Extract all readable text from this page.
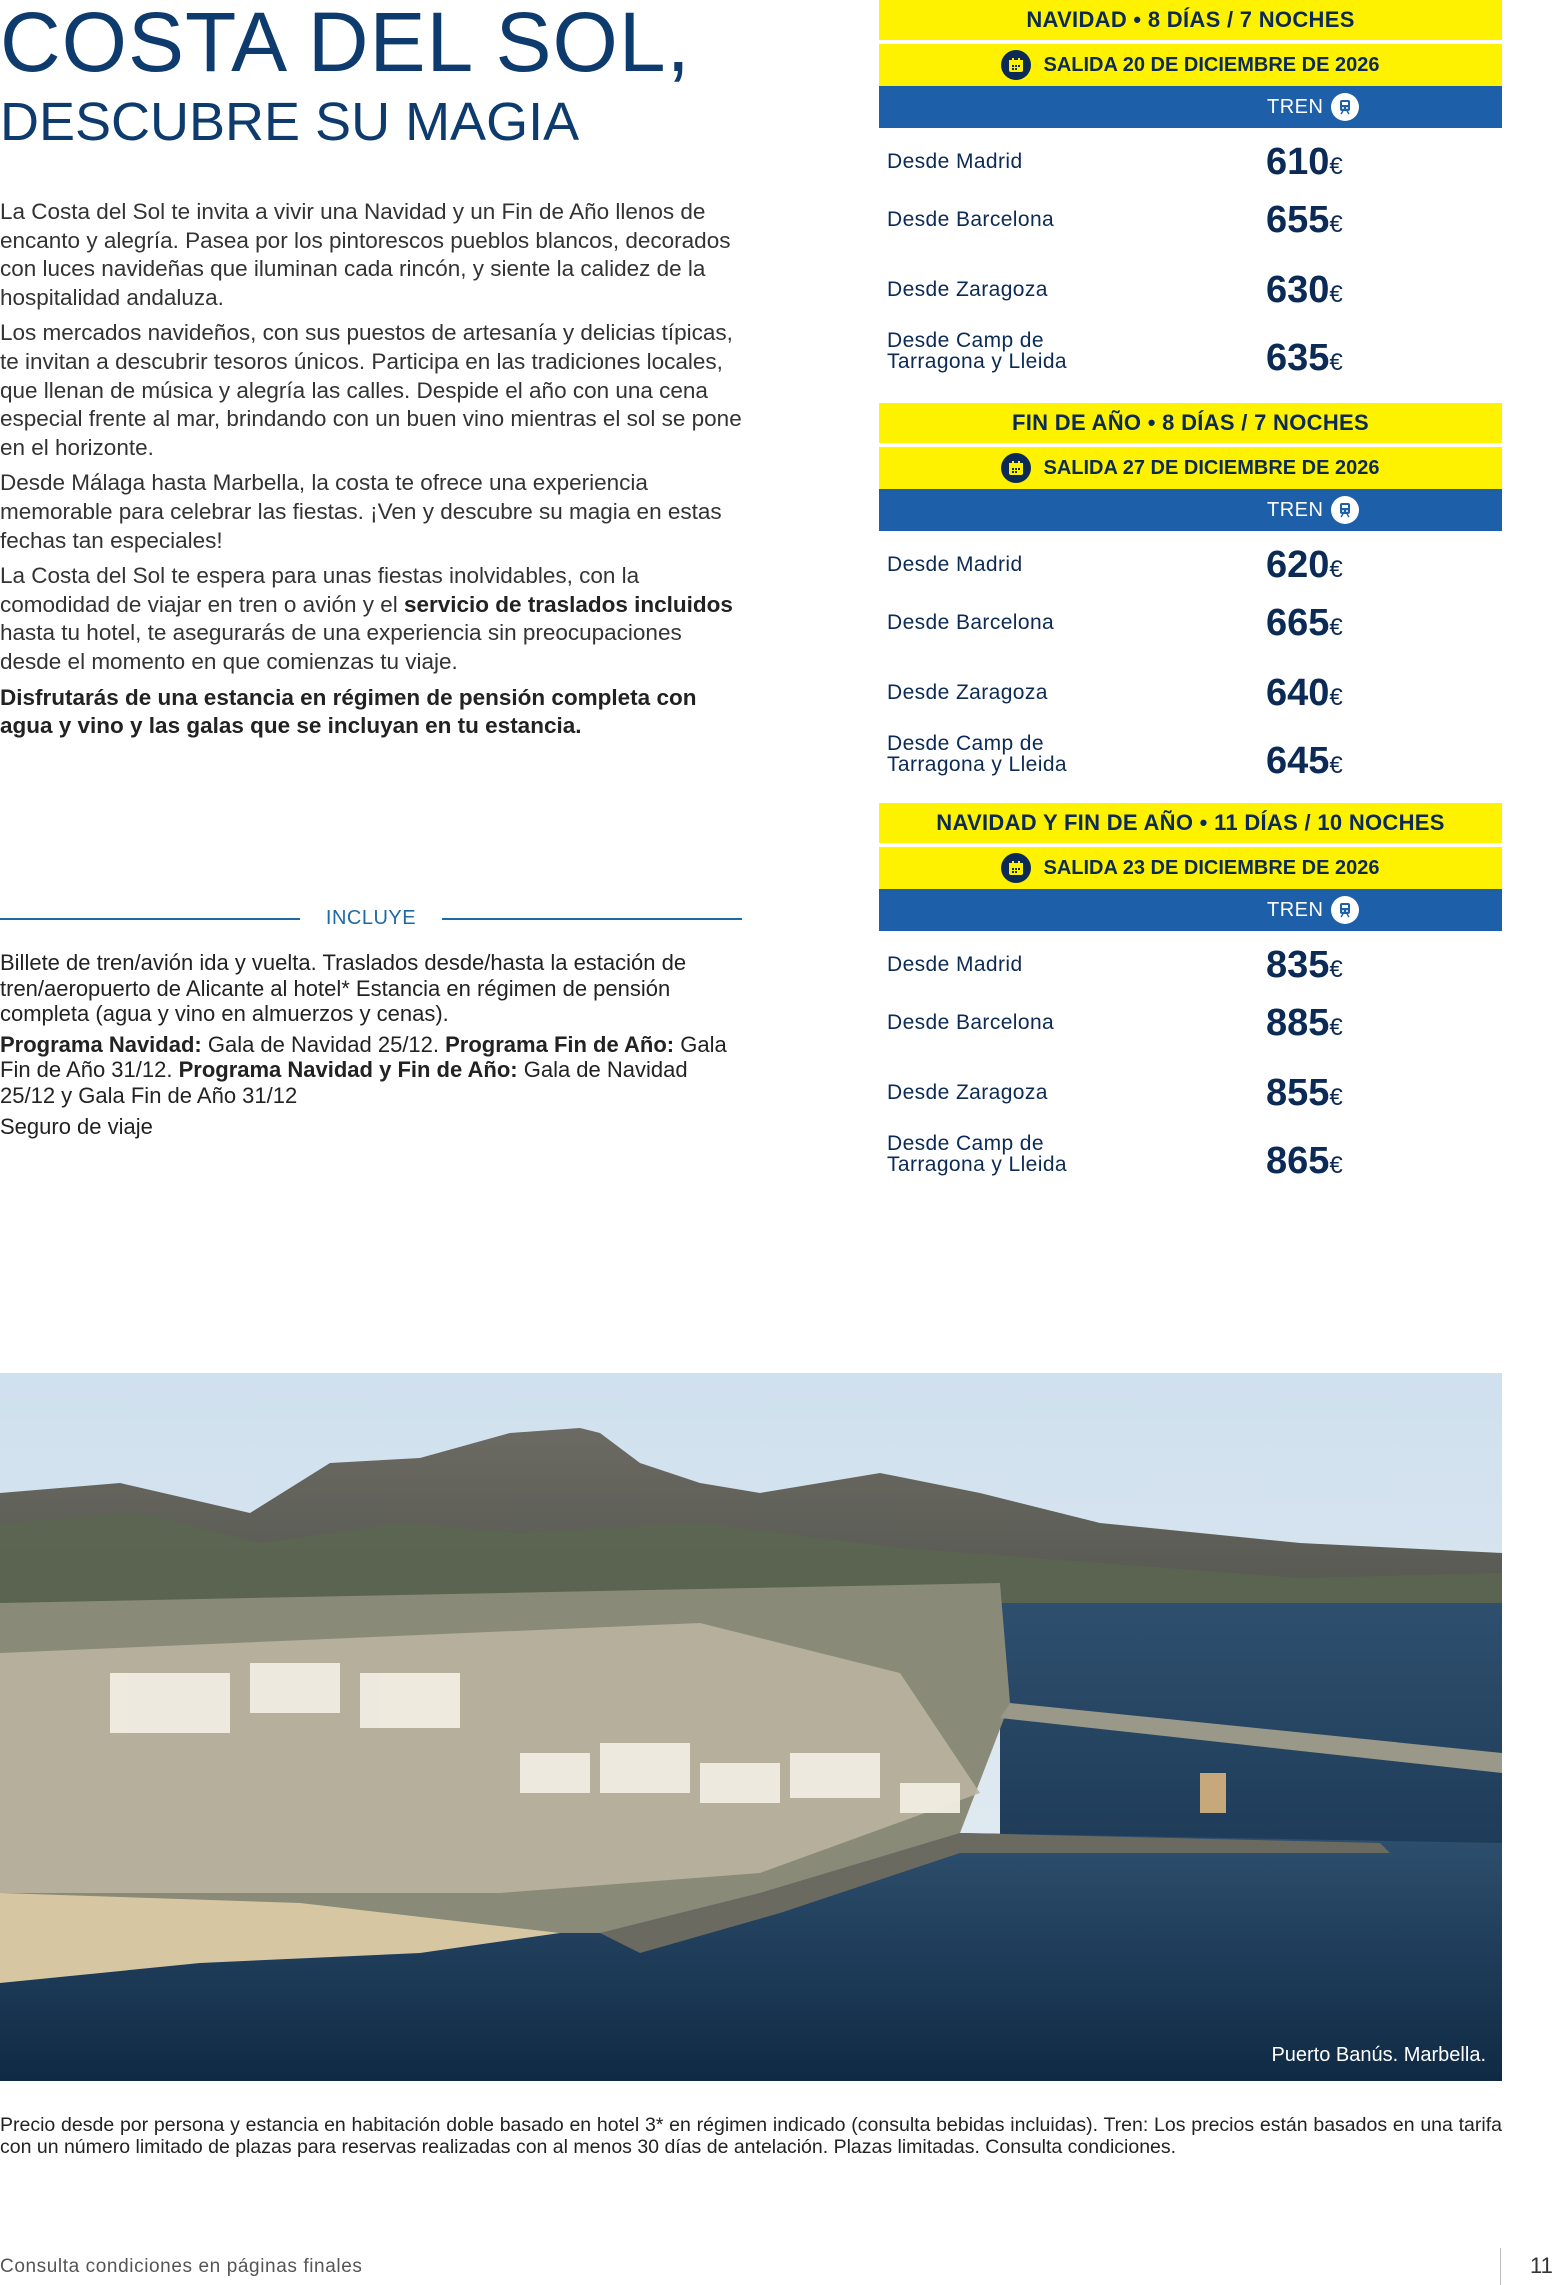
COSTA DEL SOL,
DESCUBRE SU MAGIA

La Costa del Sol te invita a vivir una Navidad y un Fin de Año llenos de encanto y alegría. Pasea por los pintorescos pueblos blancos, decorados con luces navideñas que iluminan cada rincón, y siente la calidez de la hospitalidad andaluza.

Los mercados navideños, con sus puestos de artesanía y delicias típicas, te invitan a descubrir tesoros únicos. Participa en las tradiciones locales, que llenan de música y alegría las calles. Despide el año con una cena especial frente al mar, brindando con un buen vino mientras el sol se pone en el horizonte.

Desde Málaga hasta Marbella, la costa te ofrece una experiencia memorable para celebrar las fiestas. ¡Ven y descubre su magia en estas fechas tan especiales!

La Costa del Sol te espera para unas fiestas inolvidables, con la comodidad de viajar en tren o avión y el servicio de traslados incluidos hasta tu hotel, te asegurarás de una experiencia sin preocupaciones desde el momento en que comienzas tu viaje.

Disfrutarás de una estancia en régimen de pensión completa con agua y vino y las galas que se incluyan en tu estancia.

INCLUYE

Billete de tren/avión ida y vuelta. Traslados desde/hasta la estación de tren/aeropuerto de Alicante al hotel* Estancia en régimen de pensión completa (agua y vino en almuerzos y cenas).

Programa Navidad: Gala de Navidad 25/12. Programa Fin de Año: Gala Fin de Año 31/12. Programa Navidad y Fin de Año: Gala de Navidad 25/12 y Gala Fin de Año 31/12

Seguro de viaje

NAVIDAD • 8 DÍAS / 7 NOCHES
SALIDA 20 DE DICIEMBRE DE 2026
TREN
Desde Madrid	610€
Desde Barcelona	655€
Desde Zaragoza	630€
Desde Camp de
Tarragona y Lleida	635€
FIN DE AÑO • 8 DÍAS / 7 NOCHES
SALIDA 27 DE DICIEMBRE DE 2026
TREN
Desde Madrid	620€
Desde Barcelona	665€
Desde Zaragoza	640€
Desde Camp de
Tarragona y Lleida	645€
NAVIDAD Y FIN DE AÑO • 11 DÍAS / 10 NOCHES
SALIDA 23 DE DICIEMBRE DE 2026
TREN
Desde Madrid	835€
Desde Barcelona	885€
Desde Zaragoza	855€
Desde Camp de
Tarragona y Lleida	865€
Puerto Banús. Marbella.
Precio desde por persona y estancia en habitación doble basado en hotel 3* en régimen indicado (consulta bebidas incluidas). Tren: Los precios están basados en una tarifa con un número limitado de plazas para reservas realizadas con al menos 30 días de antelación. Plazas limitadas. Consulta condiciones.
Consulta condiciones en páginas finales	11
